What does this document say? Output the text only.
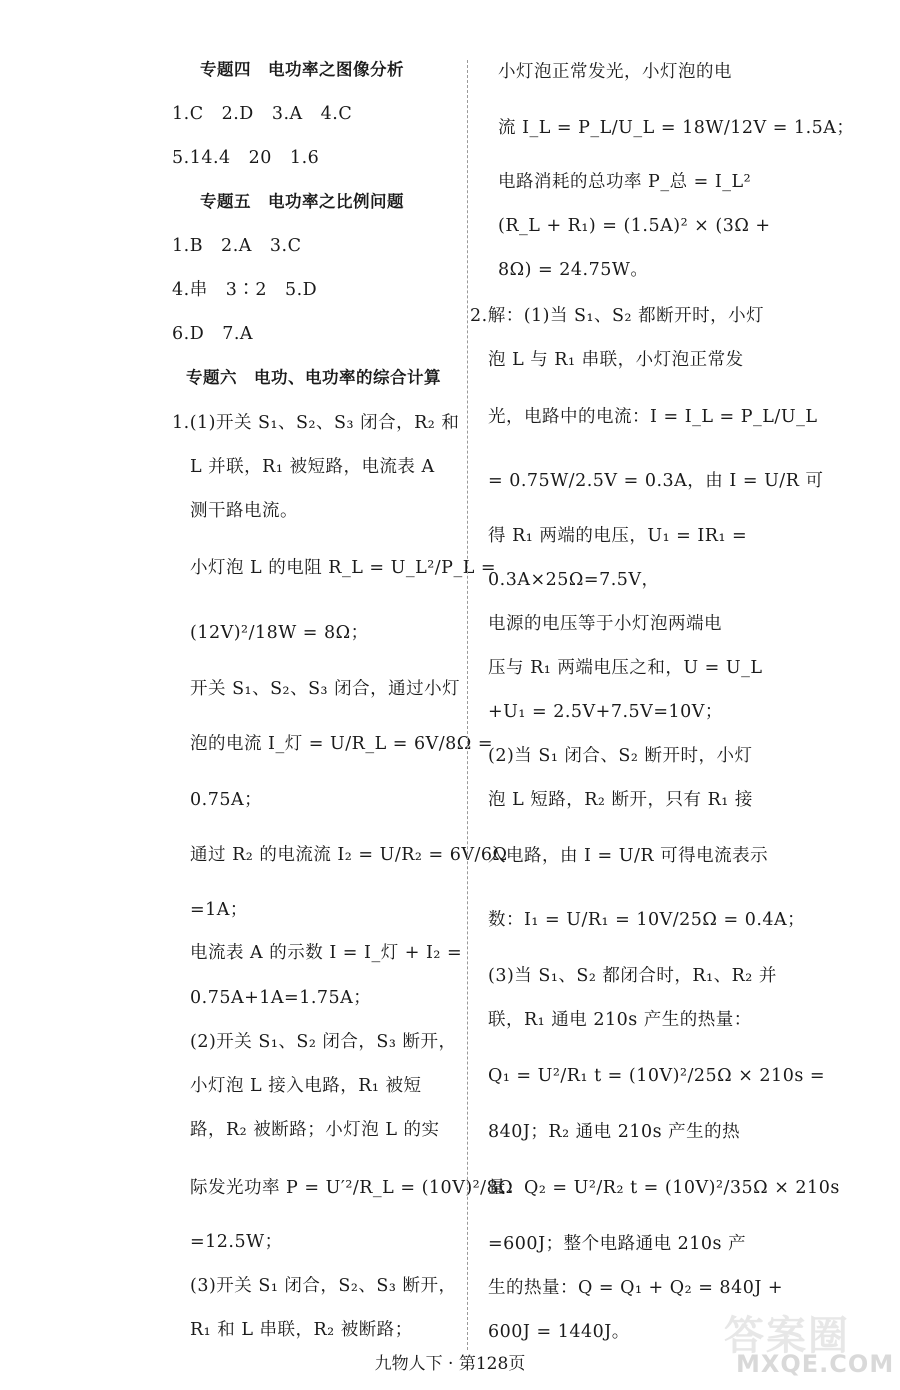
专题四　电功率之图像分析
1.C　2.D　3.A　4.C
5.14.4　20　1.6
专题五　电功率之比例问题
1.B　2.A　3.C
4.串　3∶2　5.D
6.D　7.A
专题六　电功、电功率的综合计算
1.(1)开关 S₁、S₂、S₃ 闭合，R₂ 和
　L 并联，R₁ 被短路，电流表 A
　测干路电流。
　小灯泡 L 的电阻 R_L = U_L²/P_L =
　(12V)²/18W = 8Ω；
　开关 S₁、S₂、S₃ 闭合，通过小灯
　泡的电流 I_灯 = U/R_L = 6V/8Ω =
　0.75A；
　通过 R₂ 的电流流 I₂ = U/R₂ = 6V/6Ω
　=1A；
　电流表 A 的示数 I = I_灯 + I₂ =
　0.75A+1A=1.75A；
　(2)开关 S₁、S₂ 闭合，S₃ 断开，
　小灯泡 L 接入电路，R₁ 被短
　路，R₂ 被断路；小灯泡 L 的实
　际发光功率 P = U′²/R_L = (10V)²/8Ω
　=12.5W；
　(3)开关 S₁ 闭合，S₂、S₃ 断开，
　R₁ 和 L 串联，R₂ 被断路；
小灯泡正常发光，小灯泡的电
流 I_L = P_L/U_L = 18W/12V = 1.5A；
电路消耗的总功率 P_总 = I_L²
(R_L + R₁) = (1.5A)² × (3Ω +
8Ω) = 24.75W。
2.解：(1)当 S₁、S₂ 都断开时，小灯
　泡 L 与 R₁ 串联，小灯泡正常发
　光，电路中的电流：I = I_L = P_L/U_L
　= 0.75W/2.5V = 0.3A，由 I = U/R 可
　得 R₁ 两端的电压，U₁ = IR₁ =
　0.3A×25Ω=7.5V，
　电源的电压等于小灯泡两端电
　压与 R₁ 两端电压之和，U = U_L
　+U₁ = 2.5V+7.5V=10V；
　(2)当 S₁ 闭合、S₂ 断开时，小灯
　泡 L 短路，R₂ 断开，只有 R₁ 接
　入电路，由 I = U/R 可得电流表示
　数：I₁ = U/R₁ = 10V/25Ω = 0.4A；
　(3)当 S₁、S₂ 都闭合时，R₁、R₂ 并
　联，R₁ 通电 210s 产生的热量：
　Q₁ = U²/R₁ t = (10V)²/25Ω × 210s =
　840J；R₂ 通电 210s 产生的热
　量：Q₂ = U²/R₂ t = (10V)²/35Ω × 210s
　=600J；整个电路通电 210s 产
　生的热量：Q = Q₁ + Q₂ = 840J +
　600J = 1440J。
九物人下 · 第128页
答案圈
MXQE.COM
